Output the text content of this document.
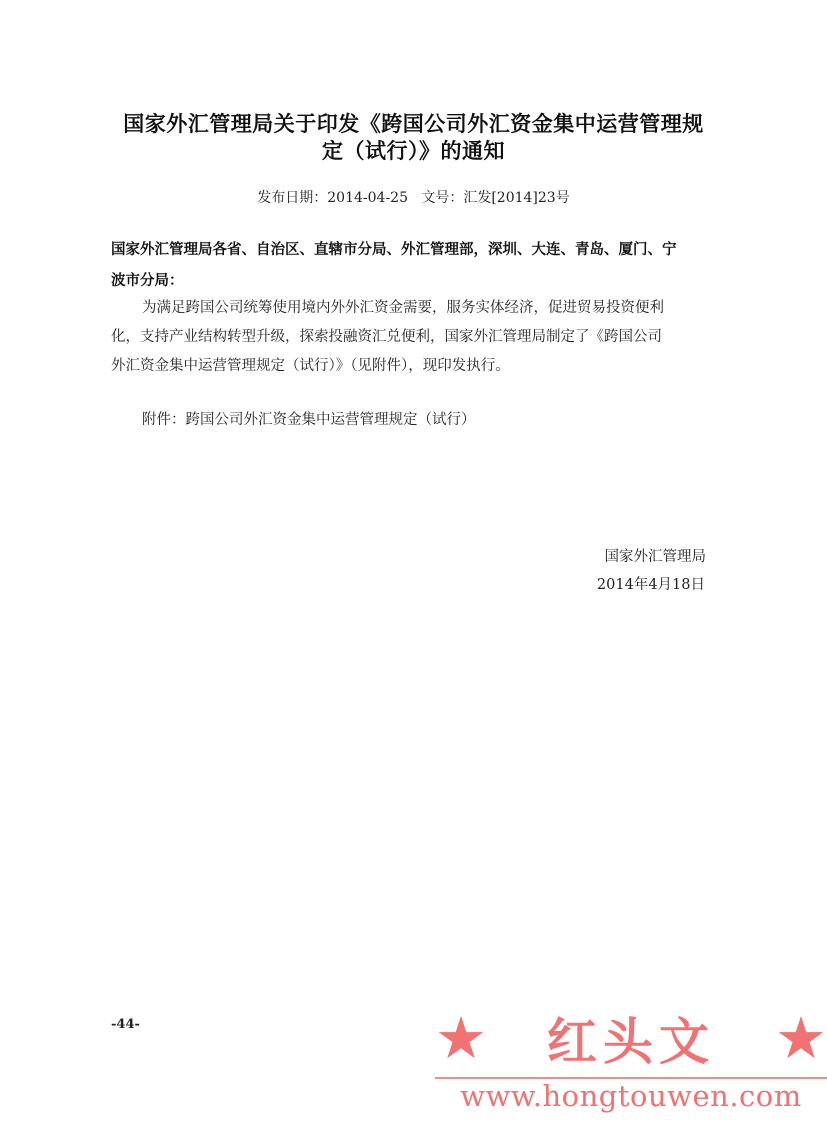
国家外汇管理局关于印发《跨国公司外汇资金集中运营管理规
定（试行）》的通知
发布日期：2014-04-25 文号：汇发[2014]23号
国家外汇管理局各省、自治区、直辖市分局、外汇管理部，深圳、大连、青岛、厦门、宁
波市分局：
为满足跨国公司统筹使用境内外外汇资金需要，服务实体经济，促进贸易投资便利
化，支持产业结构转型升级，探索投融资汇兑便利，国家外汇管理局制定了《跨国公司
外汇资金集中运营管理规定（试行）》（见附件），现印发执行。
附件：跨国公司外汇资金集中运营管理规定（试行）
国家外汇管理局
2014年4月18日
-44-	★ 红头文 ★
www.hongtouwen.com
